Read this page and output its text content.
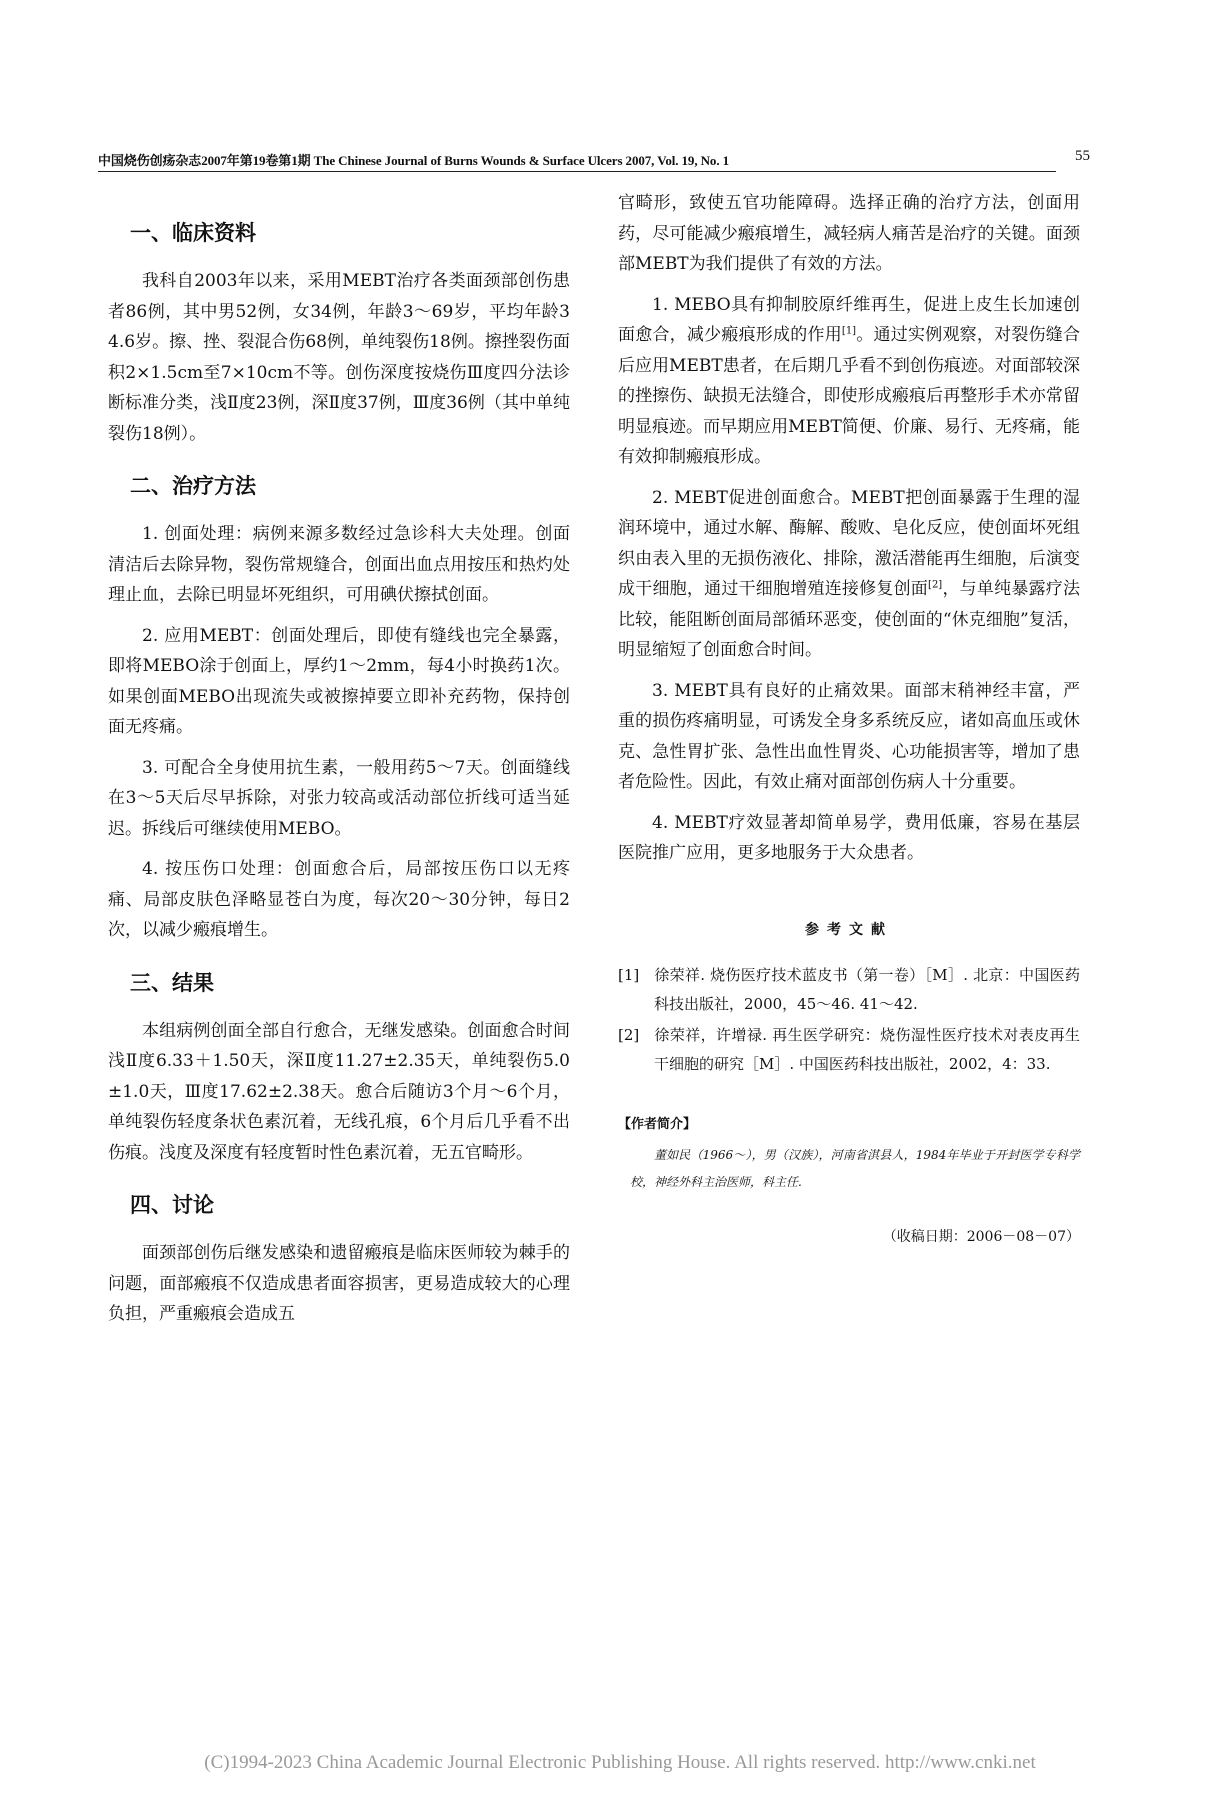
中国烧伤创疡杂志2007年第19卷第1期 The Chinese Journal of Burns Wounds & Surface Ulcers 2007, Vol. 19, No. 1	55
一、临床资料

我科自2003年以来，采用MEBT治疗各类面颈部创伤患者86例，其中男52例，女34例，年龄3～69岁，平均年龄34.6岁。擦、挫、裂混合伤68例，单纯裂伤18例。擦挫裂伤面积2×1.5cm至7×10cm不等。创伤深度按烧伤Ⅲ度四分法诊断标准分类，浅Ⅱ度23例，深Ⅱ度37例，Ⅲ度36例（其中单纯裂伤18例）。

二、治疗方法

1. 创面处理：病例来源多数经过急诊科大夫处理。创面清洁后去除异物，裂伤常规缝合，创面出血点用按压和热灼处理止血，去除已明显坏死组织，可用碘伏擦拭创面。

2. 应用MEBT：创面处理后，即使有缝线也完全暴露，即将MEBO涂于创面上，厚约1～2mm，每4小时换药1次。如果创面MEBO出现流失或被擦掉要立即补充药物，保持创面无疼痛。

3. 可配合全身使用抗生素，一般用药5～7天。创面缝线在3～5天后尽早拆除，对张力较高或活动部位折线可适当延迟。拆线后可继续使用MEBO。

4. 按压伤口处理：创面愈合后，局部按压伤口以无疼痛、局部皮肤色泽略显苍白为度，每次20～30分钟，每日2次，以减少瘢痕增生。

三、结果

本组病例创面全部自行愈合，无继发感染。创面愈合时间浅Ⅱ度6.33＋1.50天，深Ⅱ度11.27±2.35天，单纯裂伤5.0±1.0天，Ⅲ度17.62±2.38天。愈合后随访3个月～6个月，单纯裂伤轻度条状色素沉着，无线孔痕，6个月后几乎看不出伤痕。浅度及深度有轻度暂时性色素沉着，无五官畸形。

四、讨论

面颈部创伤后继发感染和遗留瘢痕是临床医师较为棘手的问题，面部瘢痕不仅造成患者面容损害，更易造成较大的心理负担，严重瘢痕会造成五

官畸形，致使五官功能障碍。选择正确的治疗方法，创面用药，尽可能减少瘢痕增生，减轻病人痛苦是治疗的关键。面颈部MEBT为我们提供了有效的方法。

1. MEBO具有抑制胶原纤维再生，促进上皮生长加速创面愈合，减少瘢痕形成的作用[1]。通过实例观察，对裂伤缝合后应用MEBT患者，在后期几乎看不到创伤痕迹。对面部较深的挫擦伤、缺损无法缝合，即使形成瘢痕后再整形手术亦常留明显痕迹。而早期应用MEBT简便、价廉、易行、无疼痛，能有效抑制瘢痕形成。

2. MEBT促进创面愈合。MEBT把创面暴露于生理的湿润环境中，通过水解、酶解、酸败、皂化反应，使创面坏死组织由表入里的无损伤液化、排除，激活潜能再生细胞，后演变成干细胞，通过干细胞增殖连接修复创面[2]，与单纯暴露疗法比较，能阻断创面局部循环恶变，使创面的“休克细胞”复活，明显缩短了创面愈合时间。

3. MEBT具有良好的止痛效果。面部末稍神经丰富，严重的损伤疼痛明显，可诱发全身多系统反应，诸如高血压或休克、急性胃扩张、急性出血性胃炎、心功能损害等，增加了患者危险性。因此，有效止痛对面部创伤病人十分重要。

4. MEBT疗效显著却简单易学，费用低廉，容易在基层医院推广应用，更多地服务于大众患者。

参考文献
[1] 徐荣祥. 烧伤医疗技术蓝皮书（第一卷）［M］. 北京：中国医药科技出版社，2000，45～46. 41～42.
[2] 徐荣祥，许增禄. 再生医学研究：烧伤湿性医疗技术对表皮再生干细胞的研究［M］. 中国医药科技出版社，2002，4：33.
【作者简介】
董如民（1966～），男（汉族），河南省淇县人，1984年毕业于开封医学专科学校，神经外科主治医师，科主任.
（收稿日期：2006－08－07）
(C)1994-2023 China Academic Journal Electronic Publishing House. All rights reserved. http://www.cnki.net
